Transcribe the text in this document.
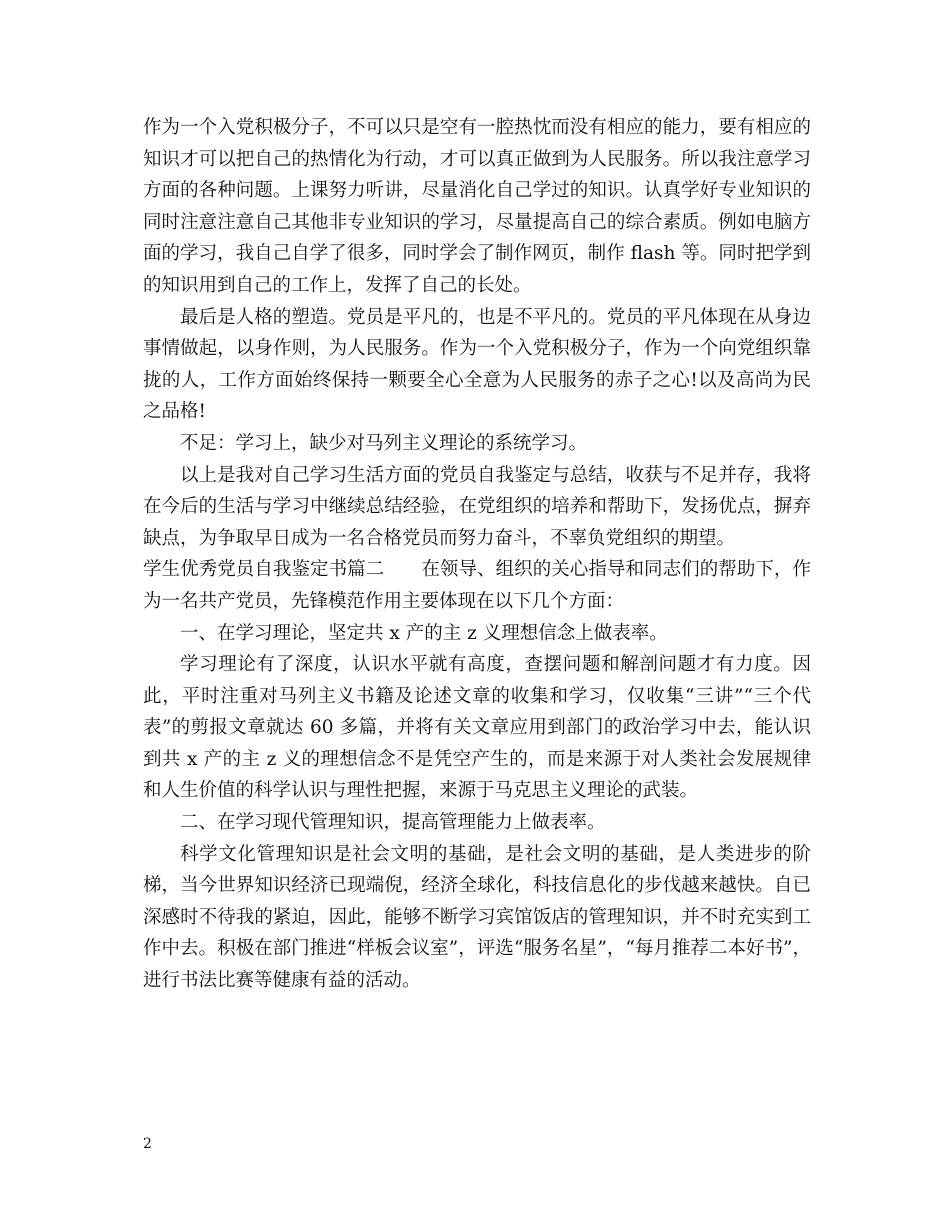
作为一个入党积极分子，不可以只是空有一腔热忱而没有相应的能力，要有相应的知识才可以把自己的热情化为行动，才可以真正做到为人民服务。所以我注意学习方面的各种问题。上课努力听讲，尽量消化自己学过的知识。认真学好专业知识的同时注意注意自己其他非专业知识的学习，尽量提高自己的综合素质。例如电脑方面的学习，我自己自学了很多，同时学会了制作网页，制作 flash 等。同时把学到的知识用到自己的工作上，发挥了自己的长处。

最后是人格的塑造。党员是平凡的，也是不平凡的。党员的平凡体现在从身边事情做起，以身作则，为人民服务。作为一个入党积极分子，作为一个向党组织靠拢的人，工作方面始终保持一颗要全心全意为人民服务的赤子之心!以及高尚为民之品格!

不足：学习上，缺少对马列主义理论的系统学习。

以上是我对自己学习生活方面的党员自我鉴定与总结，收获与不足并存，我将在今后的生活与学习中继续总结经验，在党组织的培养和帮助下，发扬优点，摒弃缺点，为争取早日成为一名合格党员而努力奋斗，不辜负党组织的期望。

学生优秀党员自我鉴定书篇二　　在领导、组织的关心指导和同志们的帮助下，作为一名共产党员，先锋模范作用主要体现在以下几个方面：

一、在学习理论，坚定共 x 产的主 z 义理想信念上做表率。

学习理论有了深度，认识水平就有高度，查摆问题和解剖问题才有力度。因此，平时注重对马列主义书籍及论述文章的收集和学习，仅收集“三讲”“三个代表”的剪报文章就达 60 多篇，并将有关文章应用到部门的政治学习中去，能认识到共 x 产的主 z 义的理想信念不是凭空产生的，而是来源于对人类社会发展规律和人生价值的科学认识与理性把握，来源于马克思主义理论的武装。

二、在学习现代管理知识，提高管理能力上做表率。

科学文化管理知识是社会文明的基础，是社会文明的基础，是人类进步的阶梯，当今世界知识经济已现端倪，经济全球化，科技信息化的步伐越来越快。自已深感时不待我的紧迫，因此，能够不断学习宾馆饭店的管理知识，并不时充实到工作中去。积极在部门推进“样板会议室”，评选“服务名星”，“每月推荐二本好书”，进行书法比赛等健康有益的活动。

2
